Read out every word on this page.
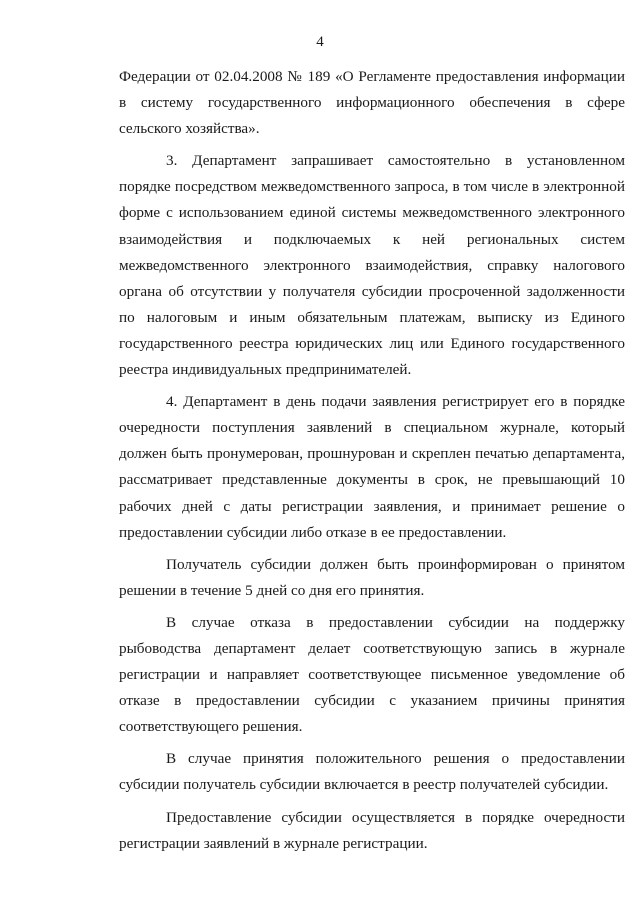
4

Федерации от 02.04.2008 № 189 «О Регламенте предоставления информации в систему государственного информационного обеспечения в сфере сельского хозяйства».

3. Департамент запрашивает самостоятельно в установленном порядке посредством межведомственного запроса, в том числе в электронной форме с использованием единой системы межведомственного электронного взаимодействия и подключаемых к ней региональных систем межведомственного электронного взаимодействия, справку налогового органа об отсутствии у получателя субсидии просроченной задолженности по налоговым и иным обязательным платежам, выписку из Единого государственного реестра юридических лиц или Единого государственного реестра индивидуальных предпринимателей.

4. Департамент в день подачи заявления регистрирует его в порядке очередности поступления заявлений в специальном журнале, который должен быть пронумерован, прошнурован и скреплен печатью департамента, рассматривает представленные документы в срок, не превышающий 10 рабочих дней с даты регистрации заявления, и принимает решение о предоставлении субсидии либо отказе в ее предоставлении.

Получатель субсидии должен быть проинформирован о принятом решении в течение 5 дней со дня его принятия.

В случае отказа в предоставлении субсидии на поддержку рыбоводства департамент делает соответствующую запись в журнале регистрации и направляет соответствующее письменное уведомление об отказе в предоставлении субсидии с указанием причины принятия соответствующего решения.

В случае принятия положительного решения о предоставлении субсидии получатель субсидии включается в реестр получателей субсидии.

Предоставление субсидии осуществляется в порядке очередности регистрации заявлений в журнале регистрации.
